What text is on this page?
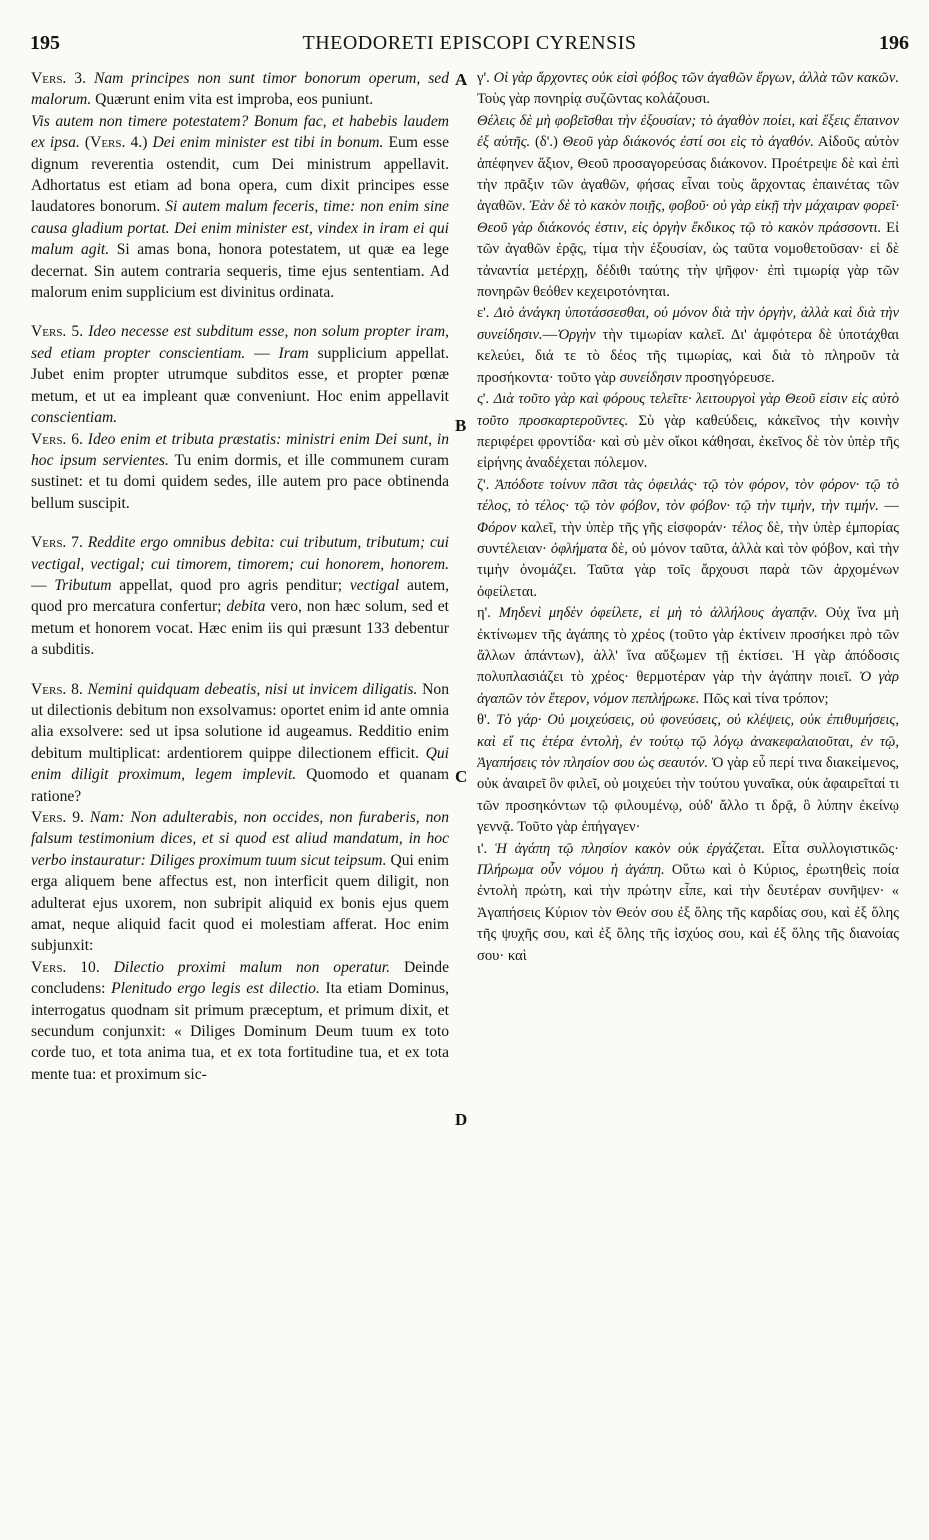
195	THEODORETI EPISCOPI CYRENSIS	196

Vers. 3. Nam principes non sunt timor bonorum operum, sed malorum. Quærunt enim vita est improba, eos puniunt.

Vis autem non timere potestatem? Bonum fac, et habebis laudem ex ipsa. (Vers. 4.) Dei enim minister est tibi in bonum. Eum esse dignum reverentia ostendit, cum Dei ministrum appellavit. Adhortatus est etiam ad bona opera, cum dixit principes esse laudatores bonorum. Si autem malum feceris, time: non enim sine causa gladium portat. Dei enim minister est, vindex in iram ei qui malum agit. Si amas bona, honora potestatem, ut quæ ea lege decernat. Sin autem contraria sequeris, time ejus sententiam. Ad malorum enim supplicium est divinitus ordinata.

Vers. 5. Ideo necesse est subditum esse, non solum propter iram, sed etiam propter conscientiam. — Iram supplicium appellat. Jubet enim propter utrumque subditos esse, et propter pœnæ metum, et ut ea impleant quæ conveniunt. Hoc enim appellavit conscientiam.

Vers. 6. Ideo enim et tributa præstatis: ministri enim Dei sunt, in hoc ipsum servientes. Tu enim dormis, et ille communem curam sustinet: et tu domi quidem sedes, ille autem pro pace obtinenda bellum suscipit.

Vers. 7. Reddite ergo omnibus debita: cui tributum, tributum; cui vectigal, vectigal; cui timorem, timorem; cui honorem, honorem. — Tributum appellat, quod pro agris penditur; vectigal autem, quod pro mercatura confertur; debita vero, non hæc solum, sed et metum et honorem vocat. Hæc enim iis qui præsunt 133 debentur a subditis.

Vers. 8. Nemini quidquam debeatis, nisi ut invicem diligatis. Non ut dilectionis debitum non exsolvamus: oportet enim id ante omnia alia exsolvere: sed ut ipsa solutione id augeamus. Redditio enim debitum multiplicat: ardentiorem quippe dilectionem efficit. Qui enim diligit proximum, legem implevit. Quomodo et quanam ratione?

Vers. 9. Nam: Non adulterabis, non occides, non furaberis, non falsum testimonium dices, et si quod est aliud mandatum, in hoc verbo instauratur: Diliges proximum tuum sicut teipsum. Qui enim erga aliquem bene affectus est, non interficit quem diligit, non adulterat ejus uxorem, non subripit aliquid ex bonis ejus quem amat, neque aliquid facit quod ei molestiam afferat. Hoc enim subjunxit:

Vers. 10. Dilectio proximi malum non operatur. Deinde concludens: Plenitudo ergo legis est dilectio. Ita etiam Dominus, interrogatus quodnam sit primum præceptum, et primum dixit, et secundum conjunxit: « Diliges Dominum Deum tuum ex toto corde tuo, et tota anima tua, et ex tota fortitudine tua, et ex tota mente tua: et proximum sic-

γ'. Οἱ γὰρ ἄρχοντες οὐκ εἰσὶ φόβος τῶν ἀγαθῶν ἔργων, ἀλλὰ τῶν κακῶν. Τοὺς γὰρ πονηρίᾳ συζῶντας κολάζουσι.

Θέλεις δὲ μὴ φοβεῖσθαι τὴν ἐξουσίαν; τὸ ἀγαθὸν ποίει, καὶ ἕξεις ἔπαινον ἐξ αὐτῆς. (δ'.) Θεοῦ γὰρ διάκονός ἐστί σοι εἰς τὸ ἀγαθόν. Αἰδοῦς αὐτὸν ἀπέφηνεν ἄξιον, Θεοῦ προσαγορεύσας διάκονον. Προέτρεψε δὲ καὶ ἐπὶ τὴν πρᾶξιν τῶν ἀγαθῶν, φήσας εἶναι τοὺς ἄρχοντας ἐπαινέτας τῶν ἀγαθῶν. Ἐὰν δὲ τὸ κακὸν ποιῇς, φοβοῦ· οὐ γὰρ εἰκῇ τὴν μάχαιραν φορεῖ· Θεοῦ γὰρ διάκονός ἐστιν, εἰς ὀργὴν ἔκδικος τῷ τὸ κακὸν πράσσοντι. Εἰ τῶν ἀγαθῶν ἐρᾷς, τίμα τὴν ἐξουσίαν, ὡς ταῦτα νομοθετοῦσαν· εἰ δὲ τἀναντία μετέρχῃ, δέδιθι ταύτης τὴν ψῆφον· ἐπὶ τιμωρίᾳ γὰρ τῶν πονηρῶν θεόθεν κεχειροτόνηται.

ε'. Διὸ ἀνάγκη ὑποτάσσεσθαι, οὐ μόνον διὰ τὴν ὀργὴν, ἀλλὰ καὶ διὰ τὴν συνείδησιν.—Ὀργὴν τὴν τιμωρίαν καλεῖ. Δι' ἀμφότερα δὲ ὑποτάχθαι κελεύει, διά τε τὸ δέος τῆς τιμωρίας, καὶ διὰ τὸ πληροῦν τὰ προσήκοντα· τοῦτο γὰρ συνείδησιν προσηγόρευσε.

ς'. Διὰ τοῦτο γὰρ καὶ φόρους τελεῖτε· λειτουργοὶ γὰρ Θεοῦ εἰσιν εἰς αὐτὸ τοῦτο προσκαρτεροῦντες. Σὺ γὰρ καθεύδεις, κἀκεῖνος τὴν κοινὴν περιφέρει φροντίδα· καὶ σὺ μὲν οἴκοι κάθησαι, ἐκεῖνος δὲ τὸν ὑπὲρ τῆς εἰρήνης ἀναδέχεται πόλεμον.

ζ'. Ἀπόδοτε τοίνυν πᾶσι τὰς ὀφειλάς· τῷ τὸν φόρον, τὸν φόρον· τῷ τὸ τέλος, τὸ τέλος· τῷ τὸν φόβον, τὸν φόβον· τῷ τὴν τιμὴν, τὴν τιμήν. — Φόρον καλεῖ, τὴν ὑπὲρ τῆς γῆς εἰσφοράν· τέλος δὲ, τὴν ὑπὲρ ἐμπορίας συντέλειαν· ὀφλήματα δὲ, οὐ μόνον ταῦτα, ἀλλὰ καὶ τὸν φόβον, καὶ τὴν τιμὴν ὀνομάζει. Ταῦτα γὰρ τοῖς ἄρχουσι παρὰ τῶν ἀρχομένων ὀφείλεται.

η'. Μηδενὶ μηδὲν ὀφείλετε, εἰ μὴ τὸ ἀλλήλους ἀγαπᾷν. Οὐχ ἵνα μὴ ἐκτίνωμεν τῆς ἀγάπης τὸ χρέος (τοῦτο γὰρ ἐκτίνειν προσήκει πρὸ τῶν ἄλλων ἁπάντων), ἀλλ' ἵνα αὔξωμεν τῇ ἐκτίσει. Ἡ γὰρ ἀπόδοσις πολυπλασιάζει τὸ χρέος· θερμοτέραν γὰρ τὴν ἀγάπην ποιεῖ. Ὁ γὰρ ἀγαπῶν τὸν ἕτερον, νόμον πεπλήρωκε. Πῶς καὶ τίνα τρόπον;

θ'. Τὸ γάρ· Οὐ μοιχεύσεις, οὐ φονεύσεις, οὐ κλέψεις, οὐκ ἐπιθυμήσεις, καὶ εἴ τις ἑτέρα ἐντολὴ, ἐν τούτῳ τῷ λόγῳ ἀνακεφαλαιοῦται, ἐν τῷ, Ἀγαπήσεις τὸν πλησίον σου ὡς σεαυτόν. Ὁ γὰρ εὖ περί τινα διακείμενος, οὐκ ἀναιρεῖ ὃν φιλεῖ, οὐ μοιχεύει τὴν τούτου γυναῖκα, οὐκ ἀφαιρεῖταί τι τῶν προσηκόντων τῷ φιλουμένῳ, οὐδ' ἄλλο τι δρᾷ, ὃ λύπην ἐκείνῳ γεννᾷ. Τοῦτο γὰρ ἐπήγαγεν·

ι'. Ἡ ἀγάπη τῷ πλησίον κακὸν οὐκ ἐργάζεται. Εἶτα συλλογιστικῶς· Πλήρωμα οὖν νόμου ἡ ἀγάπη. Οὕτω καὶ ὁ Κύριος, ἐρωτηθεὶς ποία ἐντολὴ πρώτη, καὶ τὴν πρώτην εἶπε, καὶ τὴν δευτέραν συνῆψεν· « Ἀγαπήσεις Κύριον τὸν Θεόν σου ἐξ ὅλης τῆς καρδίας σου, καὶ ἐξ ὅλης τῆς ψυχῆς σου, καὶ ἐξ ὅλης τῆς ἰσχύος σου, καὶ ἐξ ὅλης τῆς διανοίας σου· καὶ

A
B
C
D
